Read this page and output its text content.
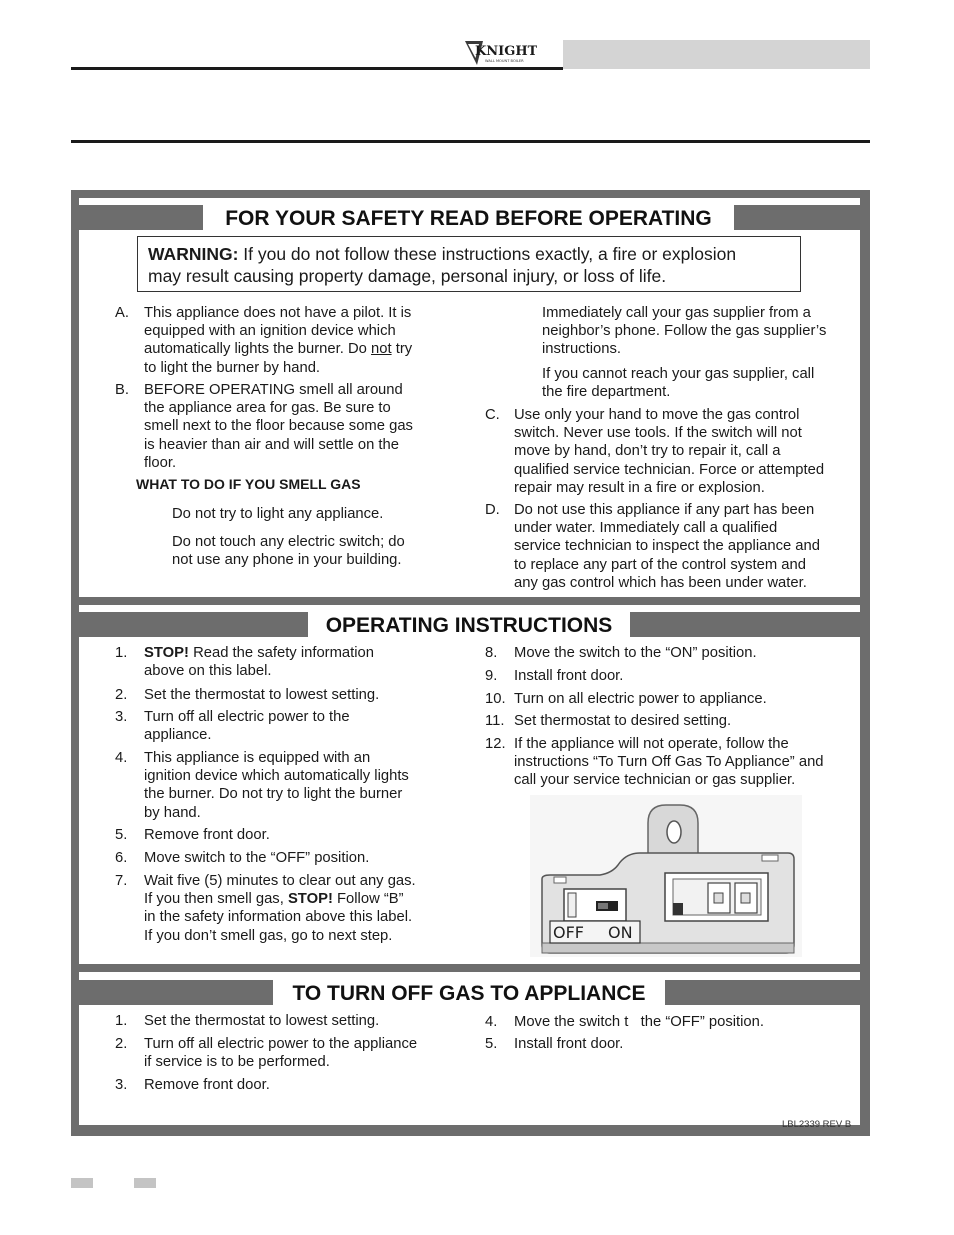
KNIGHT
WALL MOUNT BOILER
FOR YOUR SAFETY READ BEFORE OPERATING
WARNING: If you do not follow these instructions exactly, a fire or explosion
may result causing property damage, personal injury, or loss of life.
A. This appliance does not have a pilot. It is
equipped with an ignition device which
automatically lights the burner. Do not try
to light the burner by hand.
B. BEFORE OPERATING smell all around
the appliance area for gas. Be sure to
smell next to the floor because some gas
is heavier than air and will settle on the
floor.
WHAT TO DO IF YOU SMELL GAS
Do not try to light any appliance.
Do not touch any electric switch; do
not use any phone in your building.
Immediately call your gas supplier from a
neighbor’s phone. Follow the gas supplier’s
instructions.
If you cannot reach your gas supplier, call
the fire department.
C. Use only your hand to move the gas control
switch. Never use tools. If the switch will not
move by hand, don’t try to repair it, call a
qualified service technician. Force or attempted
repair may result in a fire or explosion.
D. Do not use this appliance if any part has been
under water. Immediately call a qualified
service technician to inspect the appliance and
to replace any part of the control system and
any gas control which has been under water.
OPERATING INSTRUCTIONS
1. STOP! Read the safety information
above on this label.
2. Set the thermostat to lowest setting.
3. Turn off all electric power to the
appliance.
4. This appliance is equipped with an
ignition device which automatically lights
the burner. Do not try to light the burner
by hand.
5. Remove front door.
6. Move switch to the “OFF” position.
7. Wait five (5) minutes to clear out any gas.
If you then smell gas, STOP! Follow “B”
in the safety information above this label.
If you don’t smell gas, go to next step.
8. Move the switch to the “ON” position.
9. Install front door.
10. Turn on all electric power to appliance.
11. Set thermostat to desired setting.
12. If the appliance will not operate, follow the
instructions “To Turn Off Gas To Appliance” and
call your service technician or gas supplier.
OFF ON
TO TURN OFF GAS TO APPLIANCE
1. Set the thermostat to lowest setting.
2. Turn off all electric power to the appliance
if service is to be performed.
3. Remove front door.
4. Move the switch t   the “OFF” position.
5. Install front door.
LBL2339 REV B
